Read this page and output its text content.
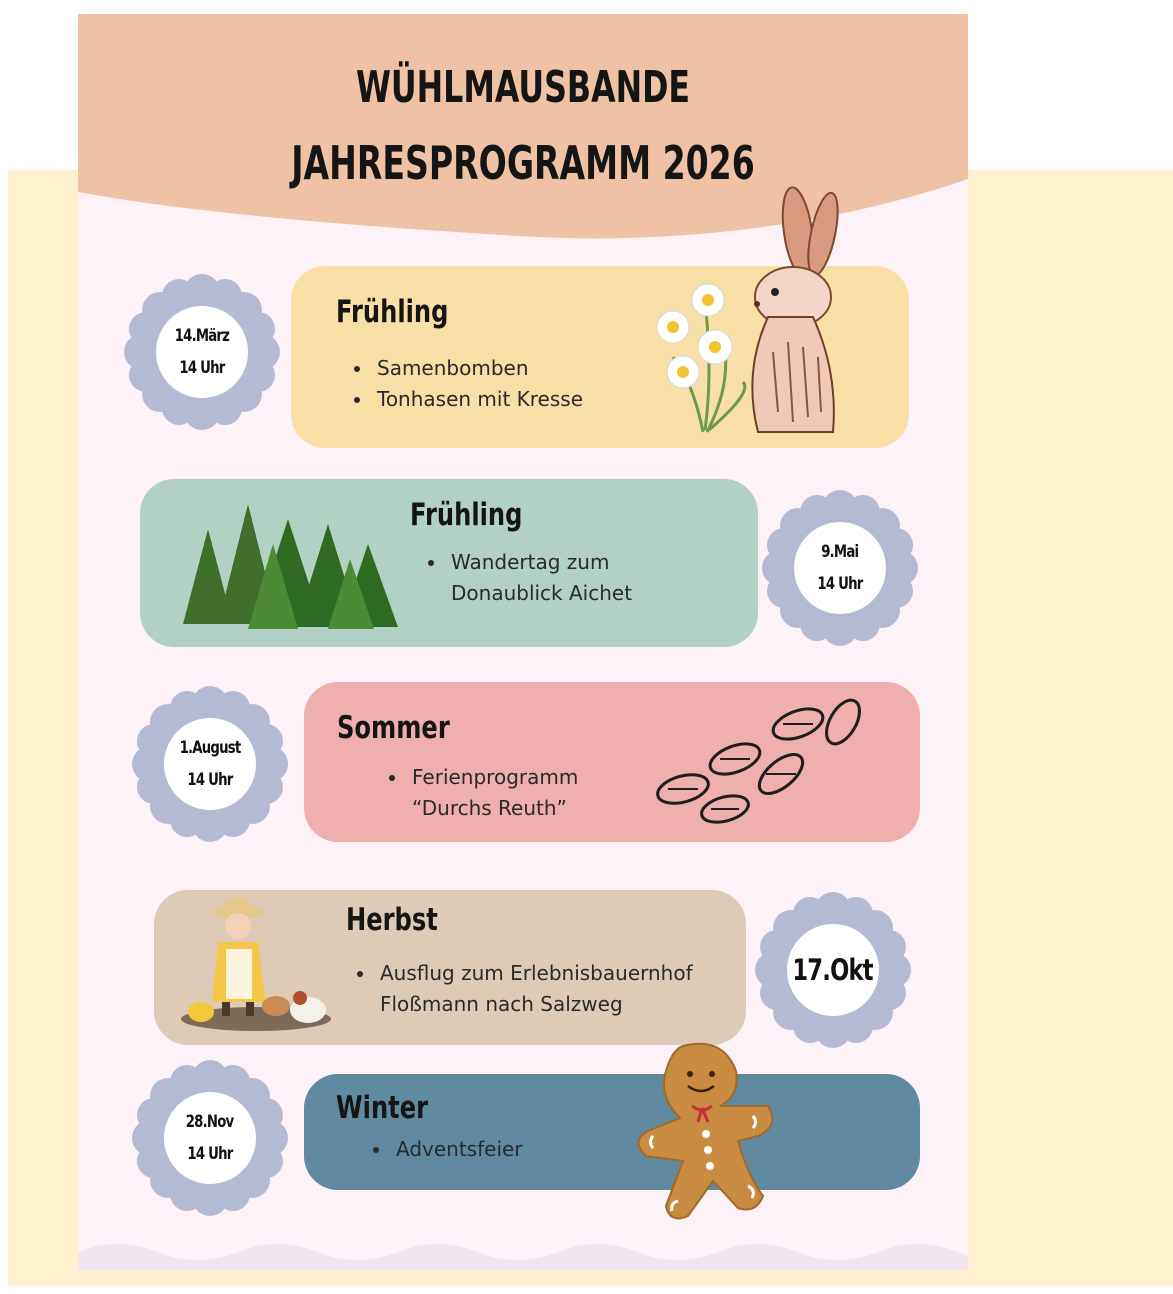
WÜHLMAUSBANDE
JAHRESPROGRAMM 2026
Frühling
• Samenbomben
• Tonhasen mit Kresse
14.März
14 Uhr
Frühling
• Wandertag zum Donaublick Aichet
9.Mai
14 Uhr
Sommer
• Ferienprogramm “Durchs Reuth”
1.August
14 Uhr
Herbst
• Ausflug zum Erlebnisbauernhof Floßmann nach Salzweg
17.Okt
Winter
• Adventsfeier
28.Nov
14 Uhr
